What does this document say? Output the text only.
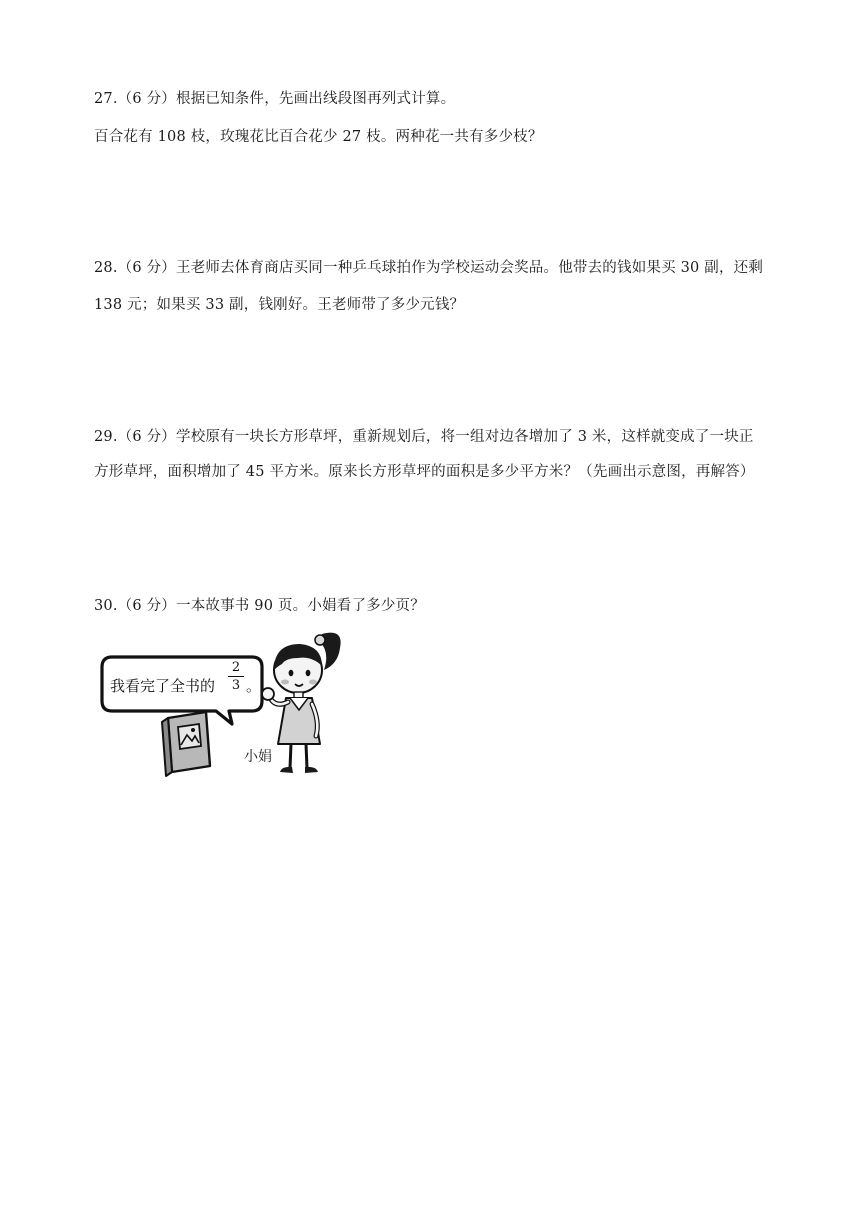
27.（6 分）根据已知条件，先画出线段图再列式计算。
百合花有 108 枝，玫瑰花比百合花少 27 枝。两种花一共有多少枝？
28.（6 分）王老师去体育商店买同一种乒乓球拍作为学校运动会奖品。他带去的钱如果买 30 副，还剩
138 元；如果买 33 副，钱刚好。王老师带了多少元钱？
29.（6 分）学校原有一块长方形草坪，重新规划后，将一组对边各增加了 3 米，这样就变成了一块正
方形草坪，面积增加了 45 平方米。原来长方形草坪的面积是多少平方米？（先画出示意图，再解答）
30.（6 分）一本故事书 90 页。小娟看了多少页？
我看完了全书的
2
3 。
小娟
